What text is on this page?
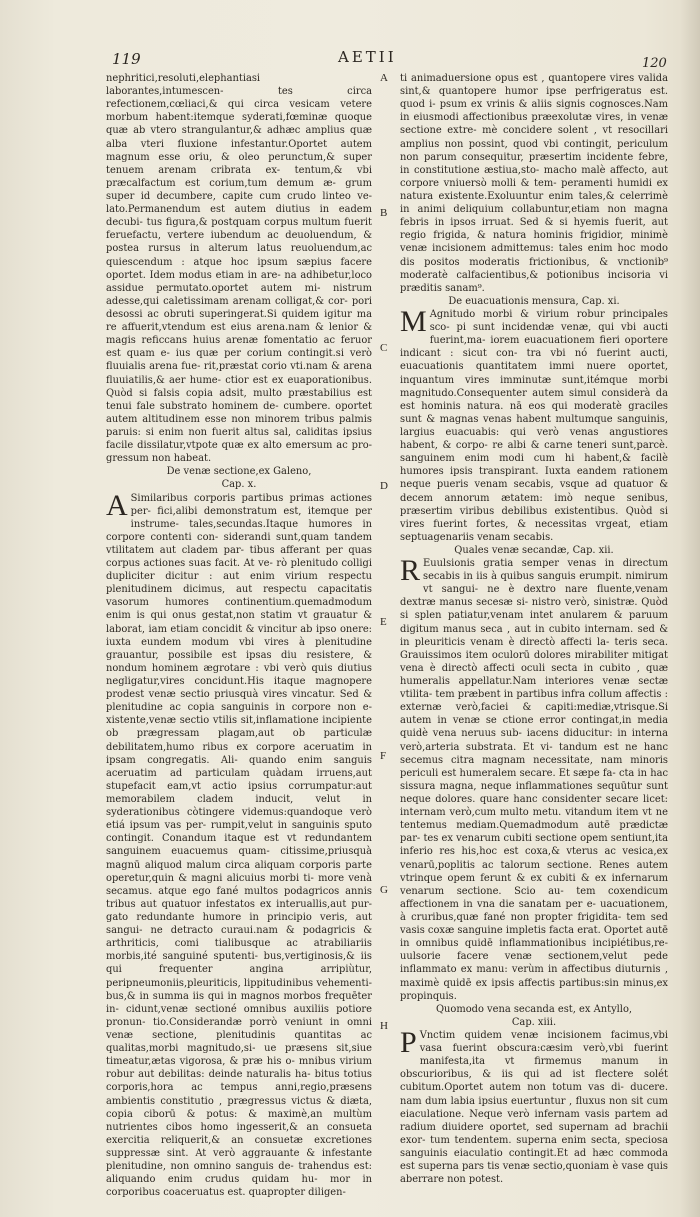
119	AETII	120

nephritici,resoluti,elephantiasi laborantes,intumescen- tes circa refectionem,cœliaci,& qui circa vesicam vetere morbum habent:itemque syderati,fœminæ quoque quæ ab vtero strangulantur,& adhæc amplius quæ alba vteri fluxione infestantur.Oportet autem magnum esse oriu, & oleo perunctum,& super tenuem arenam cribrata ex- tentum,& vbi præcalfactum est corium,tum demum æ- grum super id decumbere, capite cum crudo linteo ve- lato.Permanendum est autem diutius in eadem decubi- tus figura,& postquam corpus multum fuerit feruefactu, vertere iubendum ac deuoluendum, & postea rursus in alterum latus reuoluendum,ac quiescendum : atque hoc ipsum sæpius facere oportet. Idem modus etiam in are- na adhibetur,loco assidue permutato.oportet autem mi- nistrum adesse,qui caletissimam arenam colligat,& cor- pori desossi ac obruti superingerat.Si quidem igitur ma re affuerit,vtendum est eius arena.nam & lenior & magis reficcans huius arenæ fomentatio ac feruor est quam e- ius quæ per corium contingit.si verò fluuialis arena fue- rit,præstat corio vti.nam & arena fluuiatilis,& aer hume- ctior est ex euaporationibus. Quòd si falsis copia adsit, multo præstabilius est tenui fale substrato hominem de- cumbere. oportet autem altitudinem esse non minorem tribus palmis paruis: si enim non fuerit altus sal, caliditas ipsius facile dissilatur,vtpote quæ ex alto emersum ac pro- gressum non habeat.

De venæ sectione,ex Galeno,

Cap. x.

A Similaribus corporis partibus primas actiones per- fici,alibi demonstratum est, itemque per instrume- tales,secundas.Itaque humores in corpore contenti con- siderandi sunt,quam tandem vtilitatem aut cladem par- tibus afferant per quas corpus actiones suas facit. At ve- rò plenitudo colligi dupliciter dicitur : aut enim virium respectu plenitudinem dicimus, aut respectu capacitatis vasorum humores continentium.quemadmodum enim is qui onus gestat,non statim vt grauatur & laborat, iam etiam concidit & vincitur ab ipso onere: iuxta eundem modum vbi vires à plenitudine grauantur, possibile est ipsas diu resistere, & nondum hominem ægrotare : vbi verò quis diutius negligatur,vires concidunt.His itaque magnopere prodest venæ sectio priusquà vires vincatur. Sed & plenitudine ac copia sanguinis in corpore non e- xistente,venæ sectio vtilis sit,inflamatione incipiente ob prægressam plagam,aut ob particulæ debilitatem,humo ribus ex corpore aceruatim in ipsam congregatis. Ali- quando enim sanguis aceruatim ad particulam quàdam irruens,aut stupefacit eam,vt actio ipsius corrumpatur:aut memorabilem cladem inducit, velut in syderationibus còtingere videmus:quandoque verò etiá ipsum vas per- rumpit,velut in sanguinis sputo contingit. Conandum itaque est vt redundantem sanguinem euacuemus quam- citissime,priusquà magnū aliquod malum circa aliquam corporis parte operetur,quin & magni alicuius morbi ti- more venà secamus. atque ego fané multos podagricos annis tribus aut quatuor infestatos ex interuallis,aut pur- gato redundante humore in principio veris, aut sangui- ne detracto curaui.nam & podagricis & arthriticis, comi tialibusque ac atrabiliariis morbis,ité sanguiné sputenti- bus,vertiginosis,& iis qui frequenter angina arripiùtur, peripneumoniis,pleuriticis, lippitudinibus vehementi- bus,& in summa iis qui in magnos morbos frequēter in- cidunt,venæ sectioné omnibus auxiliis potiore pronun- tio.Considerandæ porrò veniunt in omni venæ sectione, plenitudinis quantitas ac qualitas,morbi magnitudo,si- ue præsens sit,siue timeatur,ætas vigorosa, & præ his o- mnibus virium robur aut debilitas: deinde naturalis ha- bitus totius corporis,hora ac tempus anni,regio,præsens ambientis constitutio , prægressus victus & diæta, copia ciborū & potus: & maximè,an multùm nutrientes cibos homo ingesserit,& an consueta exercitia reliquerit,& an consuetæ excretiones suppressæ sint. At verò aggrauante & infestante plenitudine, non omnino sanguis de- trahendus est: aliquando enim crudus quidam hu- mor in corporibus coaceruatus est. quapropter diligen-

A
B
C
D
E
F
G
H

ti animaduersione opus est , quantopere vires valida sint,& quantopere humor ipse perfrigeratus est. quod i- psum ex vrinis & aliis signis cognosces.Nam in eiusmodi affectionibus præexolutæ vires, in venæ sectione extre- mè concidere solent , vt resocillari amplius non possint, quod vbi contingit, periculum non parum consequitur, præsertim incidente febre, in constitutione æstiua,sto- macho malè affecto, aut corpore vniuersò molli & tem- peramenti humidi ex natura existente.Exoluuntur enim tales,& celerrimè in animi deliquium collabuntur,etiam non magna febris in ipsos irruat. Sed & si hyemis fuerit, aut regio frigida, & natura hominis frigidior, minimè venæ incisionem admittemus: tales enim hoc modo dis positos moderatis frictionibus, & vnctionib⁹ moderatè calfacientibus,& potionibus incisoria vi præditis sanam⁹.

De euacuationis mensura, Cap. xi.

M Agnitudo morbi & virium robur principales sco- pi sunt incidendæ venæ, qui vbi aucti fuerint,ma- iorem euacuationem fieri oportere indicant : sicut con- tra vbi nó fuerint aucti, euacuationis quantitatem immi nuere oportet, inquantum vires imminutæ sunt,itémque morbi magnitudo.Consequenter autem simul considerà da est hominis natura. nā eos qui moderatè graciles sunt & magnas venas habent multumque sanguinis, largius euacuabis: qui verò venas angustiores habent, & corpo- re albi & carne teneri sunt,parcè. sanguinem enim modi cum hi habent,& facilè humores ipsis transpirant. Iuxta eandem rationem neque pueris venam secabis, vsque ad quatuor & decem annorum ætatem: imò neque senibus, præsertim viribus debilibus existentibus. Quòd si vires fuerint fortes, & necessitas vrgeat, etiam septuagenariis venam secabis.

Quales venæ secandæ, Cap. xii.

R Euulsionis gratia semper venas in directum secabis in iis à quibus sanguis erumpit. nimirum vt sangui- ne è dextro nare fluente,venam dextræ manus secesæ si- nistro verò, sinistræ. Quòd si splen patiatur,venam intet anularem & paruum digitum manus seca , aut in cubito internam. sed & in pleuriticis venam è directò affecti la- teris seca. Grauissimos item oculorū dolores mirabiliter mitigat vena è directò affecti oculi secta in cubito , quæ humeralis appellatur.Nam interiores venæ sectæ vtilita- tem præbent in partibus infra collum affectis : externæ verò,faciei & capiti:mediæ,vtrisque.Si autem in venæ se ctione error contingat,in media quidè vena neruus sub- iacens diducitur: in interna verò,arteria substrata. Et vi- tandum est ne hanc secemus citra magnam necessitate, nam minoris periculi est humeralem secare. Et sæpe fa- cta in hac sissura magna, neque inflammationes sequūtur sunt neque dolores. quare hanc considenter secare licet: internam verò,cum multo metu. vitandum item vt ne tentemus mediam.Quemadmodum autē prædictæ par- tes ex venarum cubiti sectione opem sentiunt,ita inferio res his,hoc est coxa,& vterus ac vesica,ex venarū,poplitis ac talorum sectione. Renes autem vtrinque opem ferunt & ex cubiti & ex infernarum venarum sectione. Scio au- tem coxendicum affectionem in vna die sanatam per e- uacuationem, à cruribus,quæ fané non propter frigidita- tem sed vasis coxæ sanguine impletis facta erat. Oportet autē in omnibus quidē inflammationibus incipiétibus,re- uulsorie facere venæ sectionem,velut pede inflammato ex manu: verùm in affectibus diuturnis , maximè quidē ex ipsis affectis partibus:sin minus,ex propinquis.

Quomodo vena secanda est, ex Antyllo,

Cap. xiii.

P Vnctim quidem venæ incisionem facimus,vbi vasa fuerint obscura:cæsim verò,vbi fuerint manifesta,ita vt firmemus manum in obscurioribus, & iis qui ad ist flectere solét cubitum.Oportet autem non totum vas di- ducere. nam dum labia ipsius euertuntur , fluxus non sit cum eiaculatione. Neque verò infernam vasis partem ad radium diuidere oportet, sed supernam ad brachii exor- tum tendentem. superna enim secta, speciosa sanguinis eiaculatio contingit.Et ad hæc commoda est superna pars tis venæ sectio,quoniam è vase quis aberrare non potest.
